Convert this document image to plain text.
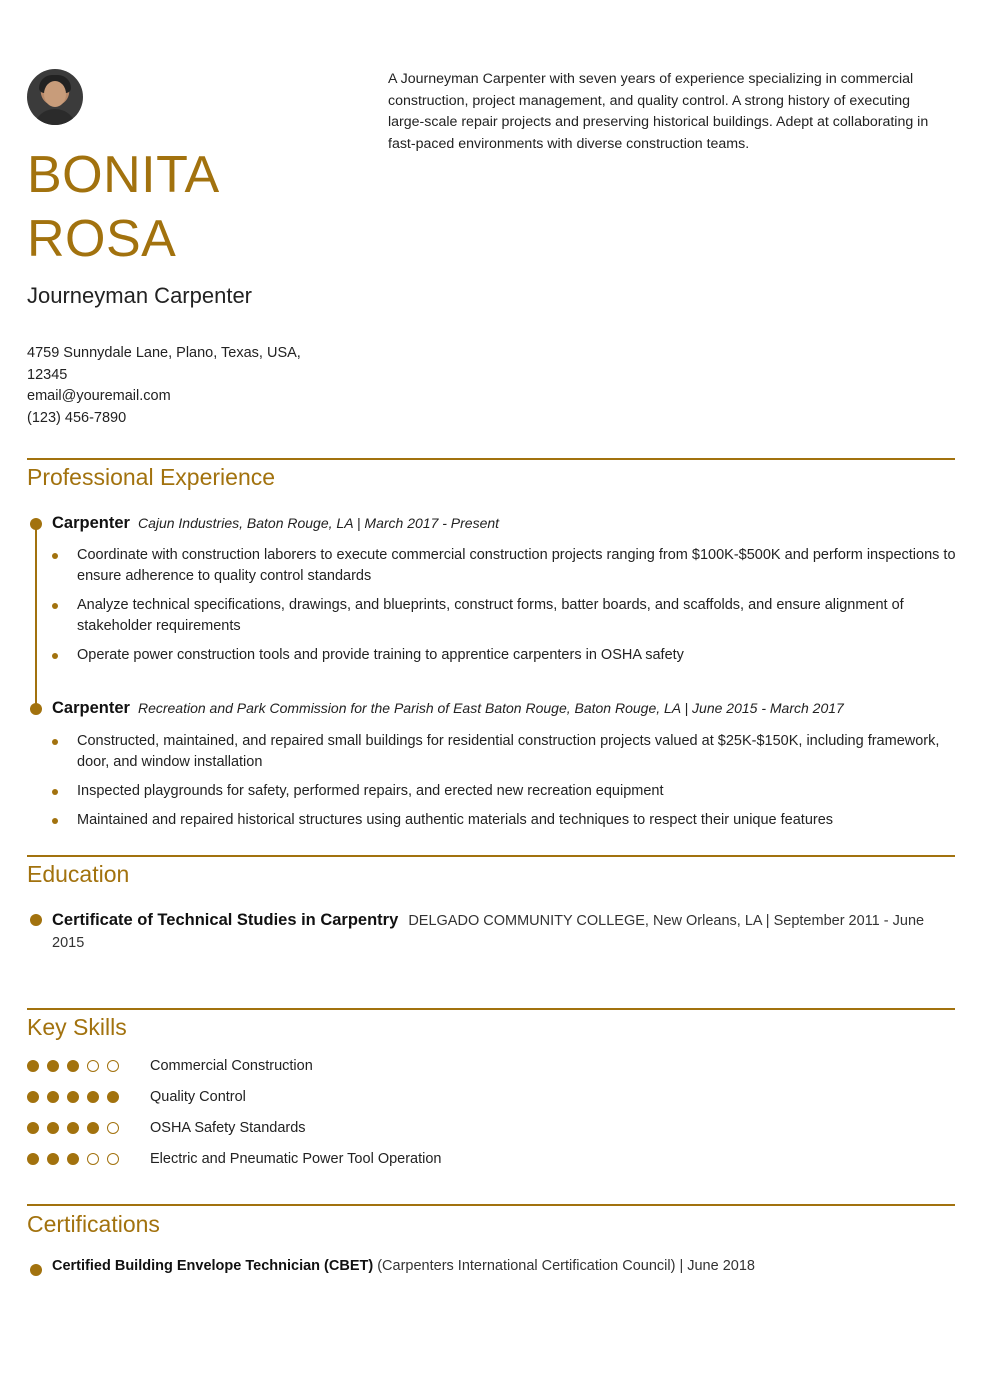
BONITA
ROSA
Journeyman Carpenter
4759 Sunnydale Lane, Plano, Texas, USA, 12345
email@youremail.com
(123) 456-7890
A Journeyman Carpenter with seven years of experience specializing in commercial construction, project management, and quality control. A strong history of executing large-scale repair projects and preserving historical buildings. Adept at collaborating in fast-paced environments with diverse construction teams.
Professional Experience
Carpenter Cajun Industries, Baton Rouge, LA | March 2017 - Present
Coordinate with construction laborers to execute commercial construction projects ranging from $100K-$500K and perform inspections to ensure adherence to quality control standards
Analyze technical specifications, drawings, and blueprints, construct forms, batter boards, and scaffolds, and ensure alignment of stakeholder requirements
Operate power construction tools and provide training to apprentice carpenters in OSHA safety
Carpenter Recreation and Park Commission for the Parish of East Baton Rouge, Baton Rouge, LA | June 2015 - March 2017
Constructed, maintained, and repaired small buildings for residential construction projects valued at $25K-$150K, including framework, door, and window installation
Inspected playgrounds for safety, performed repairs, and erected new recreation equipment
Maintained and repaired historical structures using authentic materials and techniques to respect their unique features
Education
Certificate of Technical Studies in Carpentry DELGADO COMMUNITY COLLEGE, New Orleans, LA | September 2011 - June 2015
Key Skills
Commercial Construction
Quality Control
OSHA Safety Standards
Electric and Pneumatic Power Tool Operation
Certifications
Certified Building Envelope Technician (CBET) (Carpenters International Certification Council) | June 2018
